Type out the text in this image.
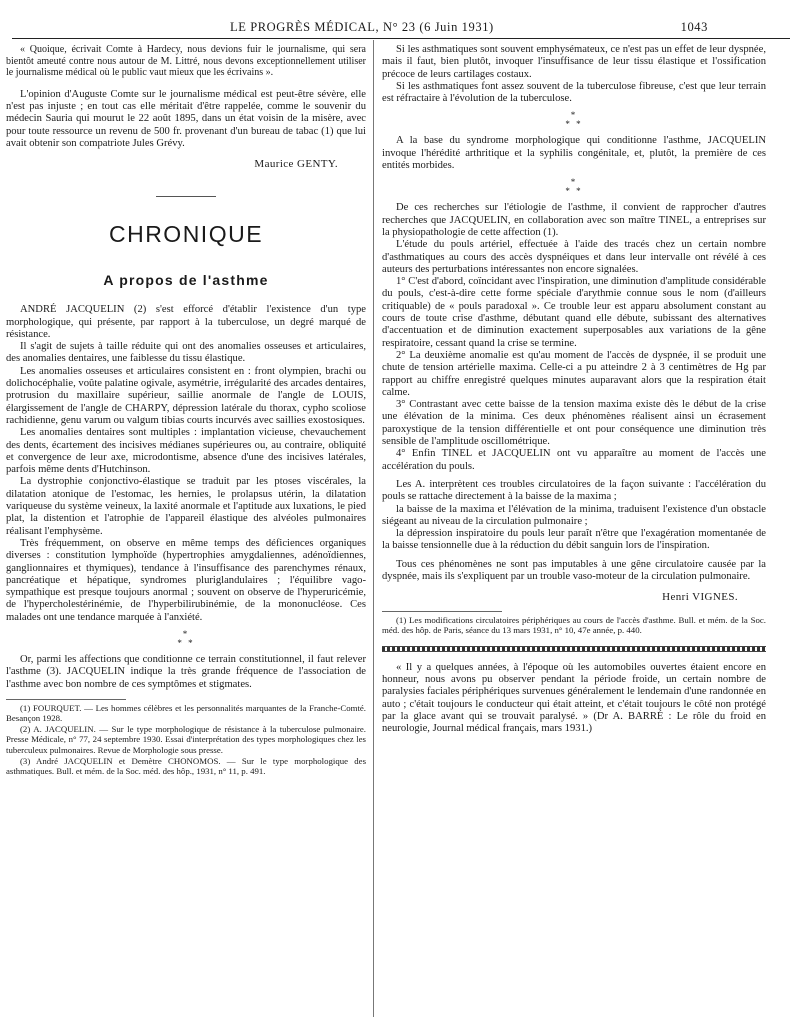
LE PROGRÈS MÉDICAL, N° 23 (6 Juin 1931)	1043

« Quoique, écrivait Comte à Hardecy, nous devions fuir le journalisme, qui sera bientôt ameuté contre nous autour de M. Littré, nous devons exceptionnellement utiliser le journalisme médical où le public vaut mieux que les écrivains ».

L'opinion d'Auguste Comte sur le journalisme médical est peut-être sévère, elle n'est pas injuste ; en tout cas elle méritait d'être rappelée, comme le souvenir du médecin Sauria qui mourut le 22 août 1895, dans un état voisin de la misère, avec pour toute ressource un revenu de 500 fr. provenant d'un bureau de tabac (1) que lui avait obtenir son compatriote Jules Grévy.

Maurice GENTY.
CHRONIQUE
A propos de l'asthme

ANDRÉ JACQUELIN (2) s'est efforcé d'établir l'existence d'un type morphologique, qui présente, par rapport à la tuberculose, un degré marqué de résistance.

Il s'agit de sujets à taille réduite qui ont des anomalies osseuses et articulaires, des anomalies dentaires, une faiblesse du tissu élastique.

Les anomalies osseuses et articulaires consistent en : front olympien, brachi ou dolichocéphalie, voûte palatine ogivale, asymétrie, irrégularité des arcades dentaires, protrusion du maxillaire supérieur, saillie anormale de l'angle de LOUIS, élargissement de l'angle de CHARPY, dépression latérale du thorax, cypho scoliose rachidienne, genu varum ou valgum tibias courts incurvés avec saillies exostosiques.

Les anomalies dentaires sont multiples : implantation vicieuse, chevauchement des dents, écartement des incisives médianes supérieures ou, au contraire, obliquité et convergence de leur axe, microdontisme, absence d'une des incisives latérales, parfois même dents d'Hutchinson.

La dystrophie conjonctivo-élastique se traduit par les ptoses viscérales, la dilatation atonique de l'estomac, les hernies, le prolapsus utérin, la dilatation variqueuse du système veineux, la laxité anormale et l'aptitude aux luxations, le pied plat, la distention et l'atrophie de l'appareil élastique des alvéoles pulmonaires réalisant l'emphysème.

Très fréquemment, on observe en même temps des déficiences organiques diverses : constitution lymphoïde (hypertrophies amygdaliennes, adénoïdiennes, ganglionnaires et thymiques), tendance à l'insuffisance des parenchymes rénaux, pancréatique et hépatique, syndromes pluriglandulaires ; l'équilibre vago-sympathique est presque toujours anormal ; souvent on observe de l'hyperuricémie, de l'hypercholestérinémie, de l'hyperbilirubinémie, de la mononucléose. Ces malades ont une tendance marquée à l'anxiété.

*
* *

Or, parmi les affections que conditionne ce terrain constitutionnel, il faut relever l'asthme (3). JACQUELIN indique la très grande fréquence de l'association de l'asthme avec bon nombre de ces symptômes et stigmates.

(1) FOURQUET. — Les hommes célèbres et les personnalités marquantes de la Franche-Comté. Besançon 1928.

(2) A. JACQUELIN. — Sur le type morphologique de résistance à la tuberculose pulmonaire. Presse Médicale, n° 77, 24 septembre 1930. Essai d'interprétation des types morphologiques chez les tuberculeux pulmonaires. Revue de Morphologie sous presse.

(3) André JACQUELIN et Demètre CHONOMOS. — Sur le type morphologique des asthmatiques. Bull. et mém. de la Soc. méd. des hôp., 1931, n° 11, p. 491.

Si les asthmatiques sont souvent emphysémateux, ce n'est pas un effet de leur dyspnée, mais il faut, bien plutôt, invoquer l'insuffisance de leur tissu élastique et l'ossification précoce de leurs cartilages costaux.

Si les asthmatiques font assez souvent de la tuberculose fibreuse, c'est que leur terrain est réfractaire à l'évolution de la tuberculose.

*
* *

A la base du syndrome morphologique qui conditionne l'asthme, JACQUELIN invoque l'hérédité arthritique et la syphilis congénitale, et, plutôt, la première de ces entités morbides.

*
* *

De ces recherches sur l'étiologie de l'asthme, il convient de rapprocher d'autres recherches que JACQUELIN, en collaboration avec son maître TINEL, a entreprises sur la physiopathologie de cette affection (1).

L'étude du pouls artériel, effectuée à l'aide des tracés chez un certain nombre d'asthmatiques au cours des accès dyspnéiques et dans leur intervalle ont révélé à ces auteurs des perturbations intéressantes non encore signalées.

1° C'est d'abord, coïncidant avec l'inspiration, une diminution d'amplitude considérable du pouls, c'est-à-dire cette forme spéciale d'arythmie connue sous le nom (d'ailleurs critiquable) de « pouls paradoxal ». Ce trouble leur est apparu absolument constant au cours de toute crise d'asthme, débutant quand elle débute, subissant des alternatives d'accentuation et de diminution exactement superposables aux variations de la gêne respiratoire, cessant quand la crise se termine.

2° La deuxième anomalie est qu'au moment de l'accès de dyspnée, il se produit une chute de tension artérielle maxima. Celle-ci a pu atteindre 2 à 3 centimètres de Hg par rapport au chiffre enregistré quelques minutes auparavant alors que la respiration était calme.

3° Contrastant avec cette baisse de la tension maxima existe dès le début de la crise une élévation de la minima. Ces deux phénomènes réalisent ainsi un écrasement paroxystique de la tension différentielle et ont pour conséquence une diminution très sensible de l'amplitude oscillométrique.

4° Enfin TINEL et JACQUELIN ont vu apparaître au moment de l'accès une accélération du pouls.

Les A. interprètent ces troubles circulatoires de la façon suivante : l'accélération du pouls se rattache directement à la baisse de la maxima ;

la baisse de la maxima et l'élévation de la minima, traduisent l'existence d'un obstacle siégeant au niveau de la circulation pulmonaire ;

la dépression inspiratoire du pouls leur paraît n'être que l'exagération momentanée de la baisse tensionnelle due à la réduction du débit sanguin lors de l'inspiration.

Tous ces phénomènes ne sont pas imputables à une gêne circulatoire causée par la dyspnée, mais ils s'expliquent par un trouble vaso-moteur de la circulation pulmonaire.

Henri VIGNES.

(1) Les modifications circulatoires périphériques au cours de l'accès d'asthme. Bull. et mém. de la Soc. méd. des hôp. de Paris, séance du 13 mars 1931, n° 10, 47e année, p. 440.

« Il y a quelques années, à l'époque où les automobiles ouvertes étaient encore en honneur, nous avons pu observer pendant la période froide, un certain nombre de paralysies faciales périphériques survenues généralement le lendemain d'une randonnée en auto ; c'était toujours le conducteur qui était atteint, et c'était toujours le côté non protégé par la glace avant qui se trouvait paralysé. » (Dr A. BARRÉ : Le rôle du froid en neurologie, Journal médical français, mars 1931.)
